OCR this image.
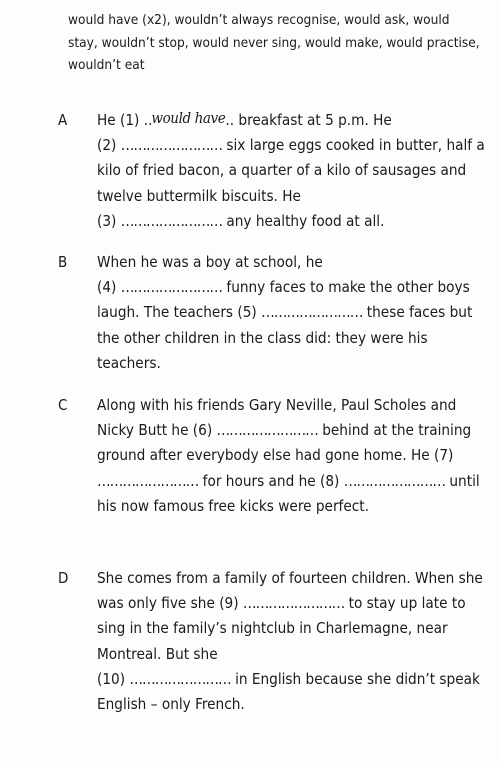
would have (x2), wouldn’t always recognise, would ask, would stay, wouldn’t stop, would never sing, would make, would practise, wouldn’t eat
A He (1) ..would have.. breakfast at 5 p.m. He
(2) …………………… six large eggs cooked in butter, half a kilo of fried bacon, a quarter of a kilo of sausages and twelve buttermilk biscuits. He
(3) …………………… any healthy food at all.
B When he was a boy at school, he
(4) …………………… funny faces to make the other boys laugh. The teachers (5) …………………… these faces but the other children in the class did: they were his teachers.
C Along with his friends Gary Neville, Paul Scholes and Nicky Butt he (6) …………………… behind at the training ground after everybody else had gone home. He (7) …………………… for hours and he (8) …………………… until his now famous free kicks were perfect.
D She comes from a family of fourteen children. When she was only five she (9) …………………… to stay up late to sing in the family’s nightclub in Charlemagne, near Montreal. But she
(10) …………………… in English because she didn’t speak English – only French.
